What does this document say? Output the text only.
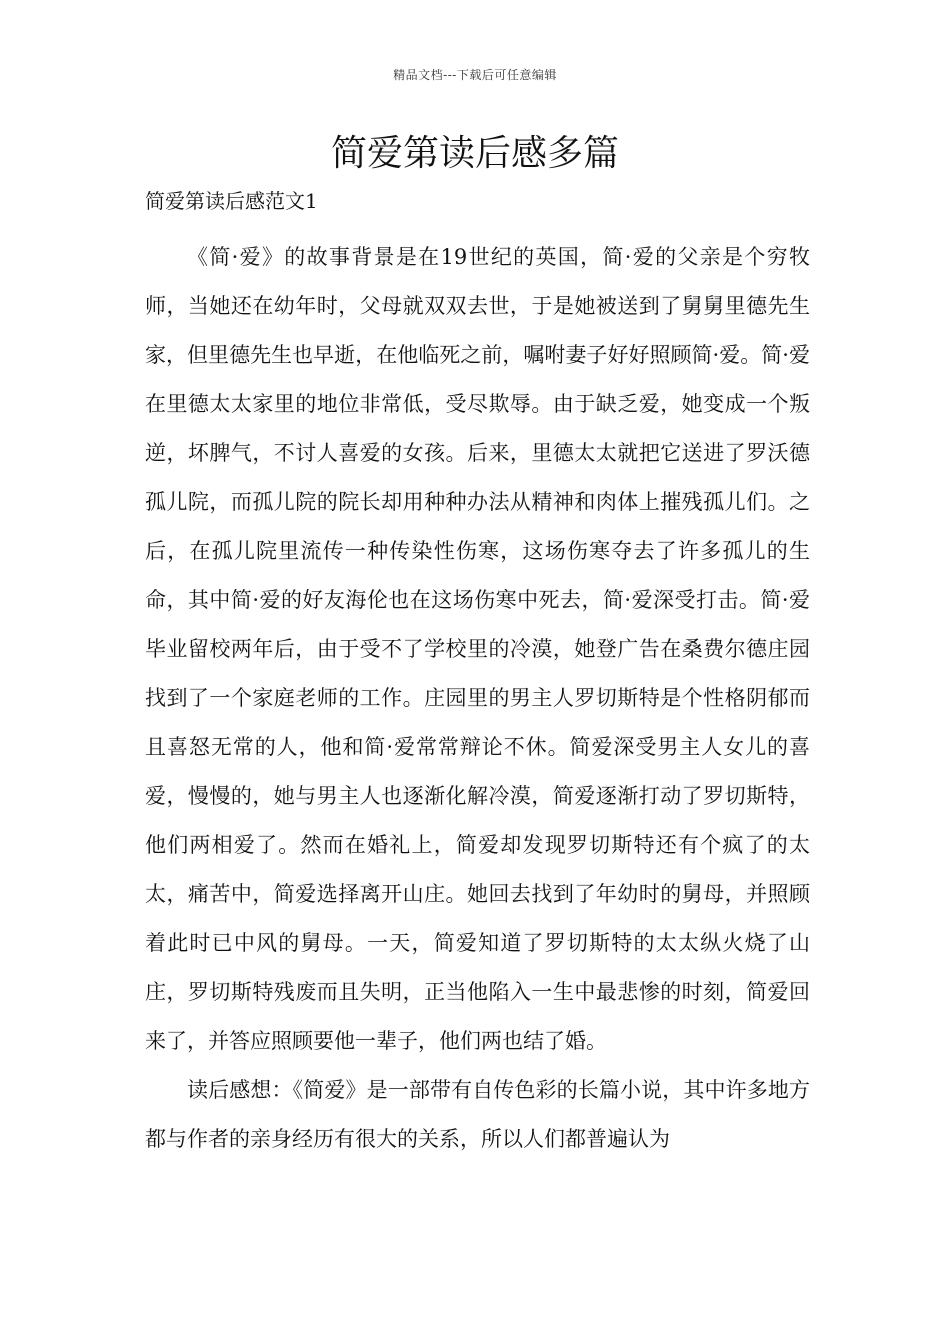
精品文档---下载后可任意编辑
简爱第读后感多篇
简爱第读后感范文1

《简·爱》的故事背景是在19世纪的英国，简·爱的父亲是个穷牧师，当她还在幼年时，父母就双双去世，于是她被送到了舅舅里德先生家，但里德先生也早逝，在他临死之前，嘱咐妻子好好照顾简·爱。简·爱在里德太太家里的地位非常低，受尽欺辱。由于缺乏爱，她变成一个叛逆，坏脾气，不讨人喜爱的女孩。后来，里德太太就把它送进了罗沃德孤儿院，而孤儿院的院长却用种种办法从精神和肉体上摧残孤儿们。之后，在孤儿院里流传一种传染性伤寒，这场伤寒夺去了许多孤儿的生命，其中简·爱的好友海伦也在这场伤寒中死去，简·爱深受打击。简·爱毕业留校两年后，由于受不了学校里的冷漠，她登广告在桑费尔德庄园找到了一个家庭老师的工作。庄园里的男主人罗切斯特是个性格阴郁而且喜怒无常的人，他和简·爱常常辩论不休。简爱深受男主人女儿的喜爱，慢慢的，她与男主人也逐渐化解冷漠，简爱逐渐打动了罗切斯特，他们两相爱了。然而在婚礼上，简爱却发现罗切斯特还有个疯了的太太，痛苦中，简爱选择离开山庄。她回去找到了年幼时的舅母，并照顾着此时已中风的舅母。一天，简爱知道了罗切斯特的太太纵火烧了山庄，罗切斯特残废而且失明，正当他陷入一生中最悲惨的时刻，简爱回来了，并答应照顾要他一辈子，他们两也结了婚。

读后感想：《简爱》是一部带有自传色彩的长篇小说，其中许多地方都与作者的亲身经历有很大的关系，所以人们都普遍认为
